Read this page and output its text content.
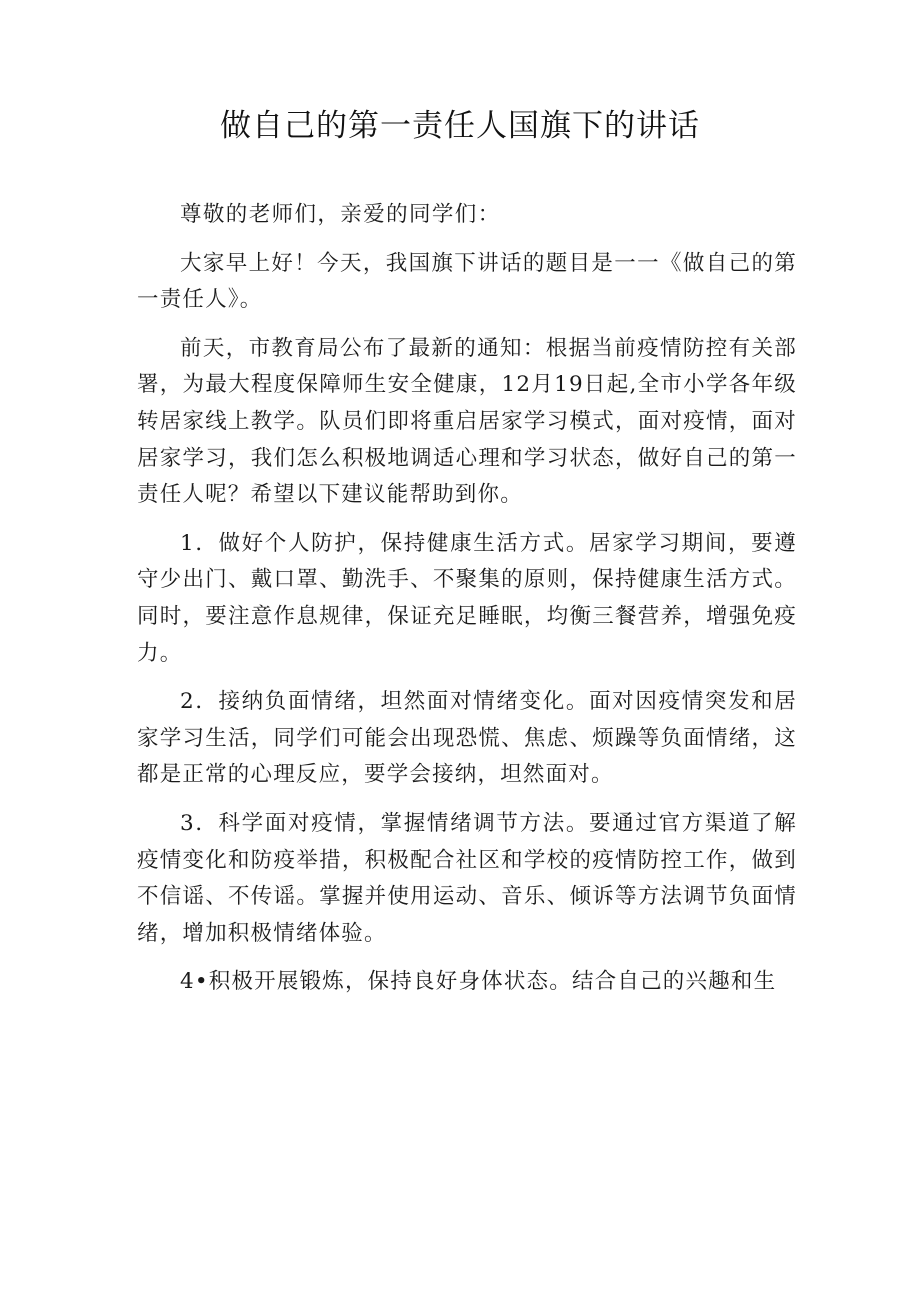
做自己的第一责任人国旗下的讲话

尊敬的老师们，亲爱的同学们：

大家早上好！今天，我国旗下讲话的题目是一一《做自己的第一责任人》。

前天，市教育局公布了最新的通知：根据当前疫情防控有关部署，为最大程度保障师生安全健康，12月19日起,全市小学各年级转居家线上教学。队员们即将重启居家学习模式，面对疫情，面对居家学习，我们怎么积极地调适心理和学习状态，做好自己的第一责任人呢？希望以下建议能帮助到你。

1．做好个人防护，保持健康生活方式。居家学习期间，要遵守少出门、戴口罩、勤洗手、不聚集的原则，保持健康生活方式。同时，要注意作息规律，保证充足睡眠，均衡三餐营养，增强免疫力。

2．接纳负面情绪，坦然面对情绪变化。面对因疫情突发和居家学习生活，同学们可能会出现恐慌、焦虑、烦躁等负面情绪，这都是正常的心理反应，要学会接纳，坦然面对。

3．科学面对疫情，掌握情绪调节方法。要通过官方渠道了解疫情变化和防疫举措，积极配合社区和学校的疫情防控工作，做到不信谣、不传谣。掌握并使用运动、音乐、倾诉等方法调节负面情绪，增加积极情绪体验。

4•积极开展锻炼，保持良好身体状态。结合自己的兴趣和生
